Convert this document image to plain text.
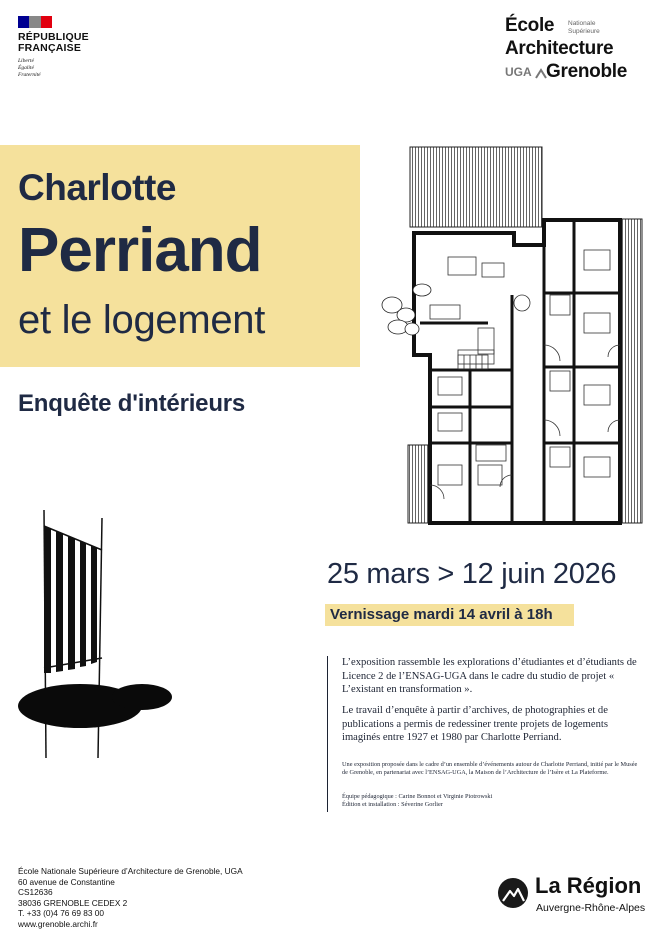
RÉPUBLIQUE
FRANÇAISE
Liberté
Égalité
Fraternité
École Nationale
Supérieure
Architecture
UGA Grenoble
Charlotte
Perriand
et le logement
Enquête d'intérieurs
25 mars > 12 juin 2026
Vernissage mardi 14 avril à 18h
L’exposition rassemble les explorations d’étudiantes et d’étudiants de Licence 2 de l’ENSAG-UGA dans le cadre du studio de projet « L’existant en transformation ».
Le travail d’enquête à partir d’archives, de photographies et de publications a permis de redessiner trente projets de logements imaginés entre 1927 et 1980 par Charlotte Perriand.
Une exposition proposée dans le cadre d’un ensemble d’événements autour de Charlotte Perriand, initié par le Musée de Grenoble, en partenariat avec l’ENSAG-UGA, la Maison de l’Architecture de l’Isère et La Plateforme.
Équipe pédagogique : Carine Bonnot et Virginie Piotrowski
Édition et installation : Séverine Gorlier
École Nationale Supérieure d’Architecture de Grenoble, UGA
60 avenue de Constantine
CS12636
38036 GRENOBLE CEDEX 2
T. +33 (0)4 76 69 83 00
www.grenoble.archi.fr
La Région
Auvergne-Rhône-Alpes
